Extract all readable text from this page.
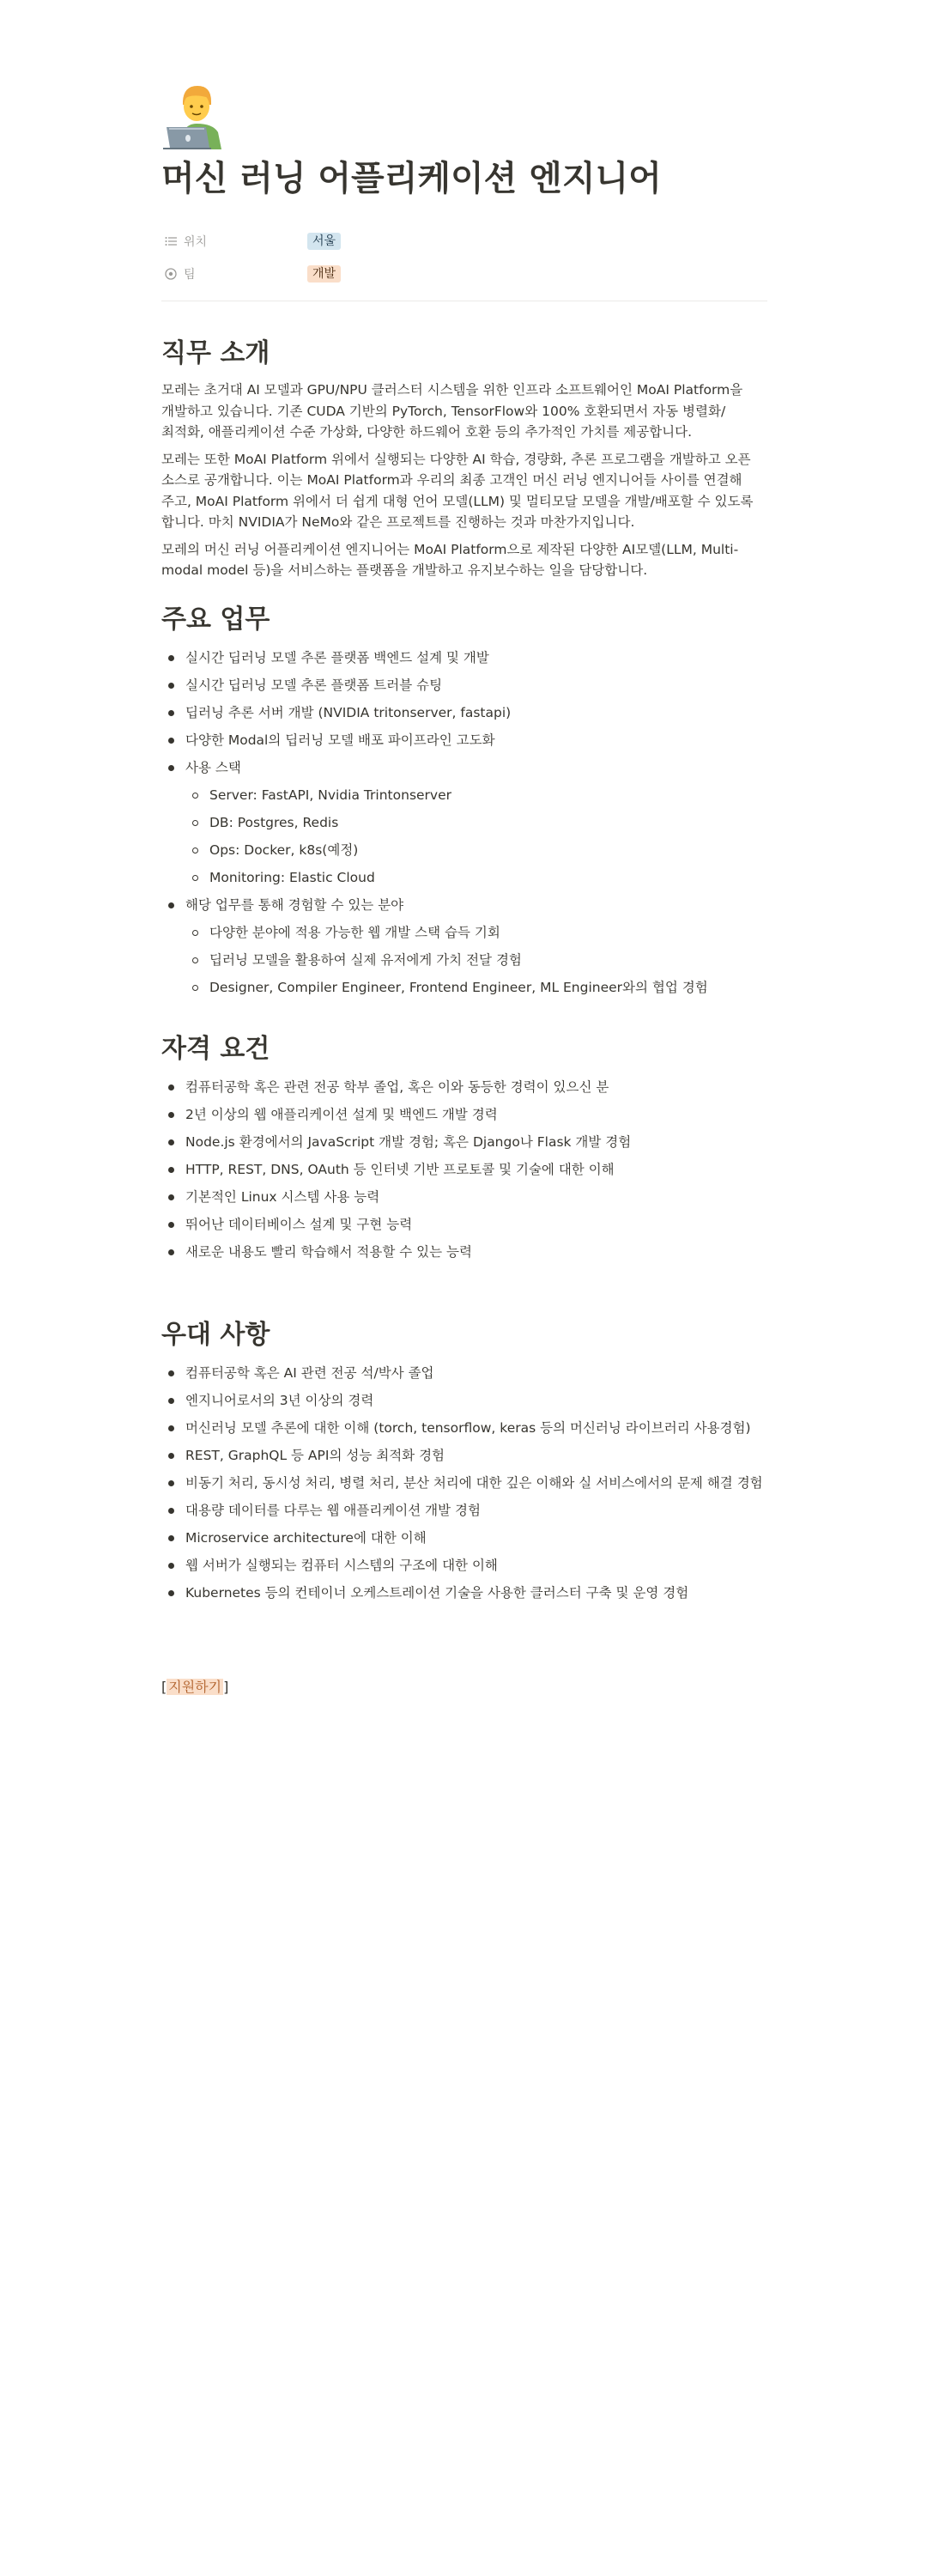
머신 러닝 어플리케이션 엔지니어
위치	서울
팀	개발
직무 소개

모레는 초거대 AI 모델과 GPU/NPU 클러스터 시스템을 위한 인프라 소프트웨어인 MoAI Platform을 개발하고 있습니다. 기존 CUDA 기반의 PyTorch, TensorFlow와 100% 호환되면서 자동 병렬화/최적화, 애플리케이션 수준 가상화, 다양한 하드웨어 호환 등의 추가적인 가치를 제공합니다.

모레는 또한 MoAI Platform 위에서 실행되는 다양한 AI 학습, 경량화, 추론 프로그램을 개발하고 오픈 소스로 공개합니다. 이는 MoAI Platform과 우리의 최종 고객인 머신 러닝 엔지니어들 사이를 연결해 주고, MoAI Platform 위에서 더 쉽게 대형 언어 모델(LLM) 및 멀티모달 모델을 개발/배포할 수 있도록 합니다. 마치 NVIDIA가 NeMo와 같은 프로젝트를 진행하는 것과 마찬가지입니다.

모레의 머신 러닝 어플리케이션 엔지니어는 MoAI Platform으로 제작된 다양한 AI모델(LLM, Multi-modal model 등)을 서비스하는 플랫폼을 개발하고 유지보수하는 일을 담당합니다.

주요 업무
실시간 딥러닝 모델 추론 플랫폼 백엔드 설계 및 개발
실시간 딥러닝 모델 추론 플랫폼 트러블 슈팅
딥러닝 추론 서버 개발 (NVIDIA tritonserver, fastapi)
다양한 Modal의 딥러닝 모델 배포 파이프라인 고도화
사용 스택
Server: FastAPI, Nvidia Trintonserver
DB: Postgres, Redis
Ops: Docker, k8s(예정)
Monitoring: Elastic Cloud
해당 업무를 통해 경험할 수 있는 분야
다양한 분야에 적용 가능한 웹 개발 스택 습득 기회
딥러닝 모델을 활용하여 실제 유저에게 가치 전달 경험
Designer, Compiler Engineer, Frontend Engineer, ML Engineer와의 협업 경험
자격 요건
컴퓨터공학 혹은 관련 전공 학부 졸업, 혹은 이와 동등한 경력이 있으신 분
2년 이상의 웹 애플리케이션 설계 및 백엔드 개발 경력
Node.js 환경에서의 JavaScript 개발 경험; 혹은 Django나 Flask 개발 경험
HTTP, REST, DNS, OAuth 등 인터넷 기반 프로토콜 및 기술에 대한 이해
기본적인 Linux 시스템 사용 능력
뛰어난 데이터베이스 설계 및 구현 능력
새로운 내용도 빨리 학습해서 적용할 수 있는 능력
우대 사항
컴퓨터공학 혹은 AI 관련 전공 석/박사 졸업
엔지니어로서의 3년 이상의 경력
머신러닝 모델 추론에 대한 이해 (torch, tensorflow, keras 등의 머신러닝 라이브러리 사용경험)
REST, GraphQL 등 API의 성능 최적화 경험
비동기 처리, 동시성 처리, 병렬 처리, 분산 처리에 대한 깊은 이해와 실 서비스에서의 문제 해결 경험
대용량 데이터를 다루는 웹 애플리케이션 개발 경험
Microservice architecture에 대한 이해
웹 서버가 실행되는 컴퓨터 시스템의 구조에 대한 이해
Kubernetes 등의 컨테이너 오케스트레이션 기술을 사용한 클러스터 구축 및 운영 경험
[ 지원하기 ]
